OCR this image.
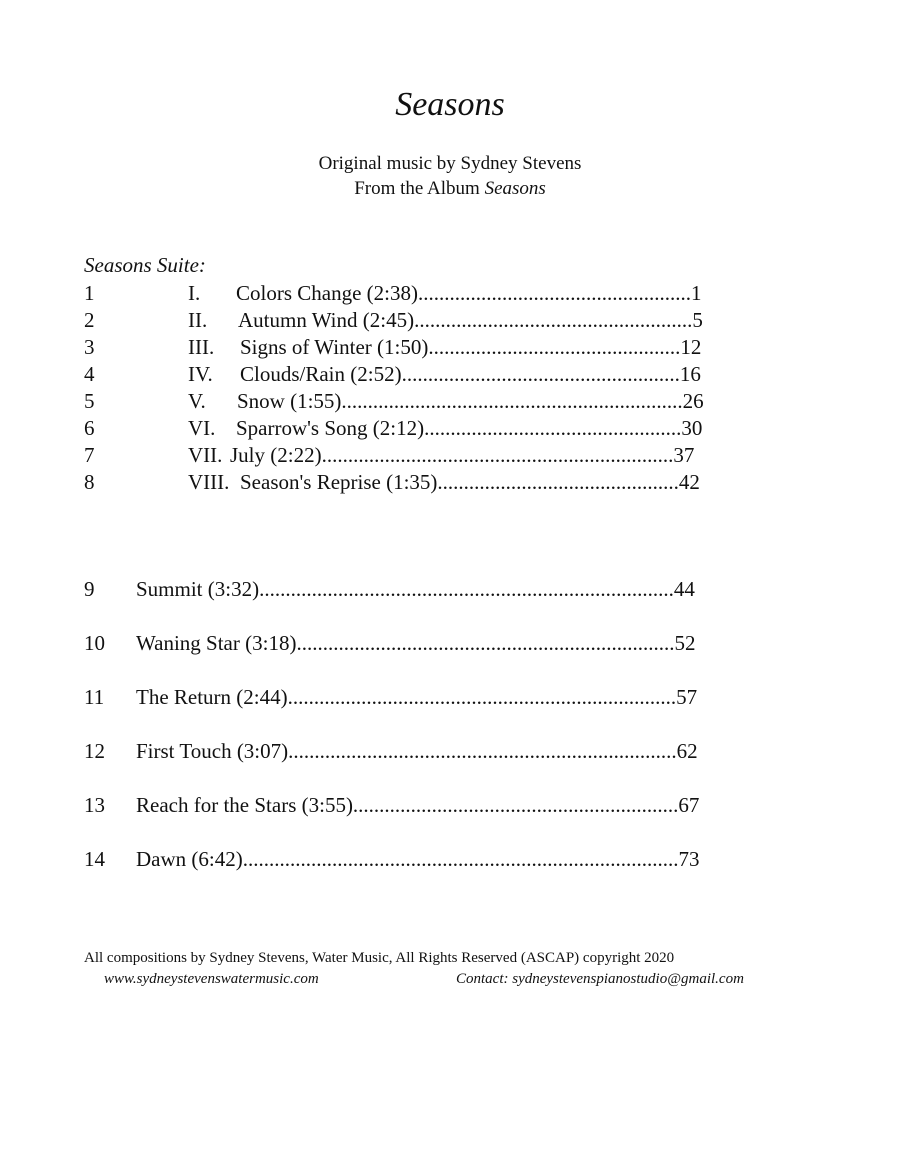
Seasons
Original music by Sydney Stevens
From the Album Seasons
Seasons Suite:
1	I. Colors Change (2:38)....................................................1
2	II. Autumn Wind (2:45).....................................................5
3	III. Signs of Winter (1:50)................................................12
4	IV. Clouds/Rain (2:52).....................................................16
5	V. Snow (1:55).................................................................26
6	VI. Sparrow's Song (2:12).................................................30
7	VII. July (2:22)...................................................................37
8	VIII. Season's Reprise (1:35)..............................................42
9 Summit (3:32)...............................................................................44
10 Waning Star (3:18)........................................................................52
11 The Return (2:44)..........................................................................57
12 First Touch (3:07)..........................................................................62
13 Reach for the Stars (3:55)..............................................................67
14 Dawn (6:42)...................................................................................73
All compositions by Sydney Stevens, Water Music, All Rights Reserved (ASCAP) copyright 2020
www.sydneystevenswatermusic.com	Contact: sydneystevenspianostudio@gmail.com
